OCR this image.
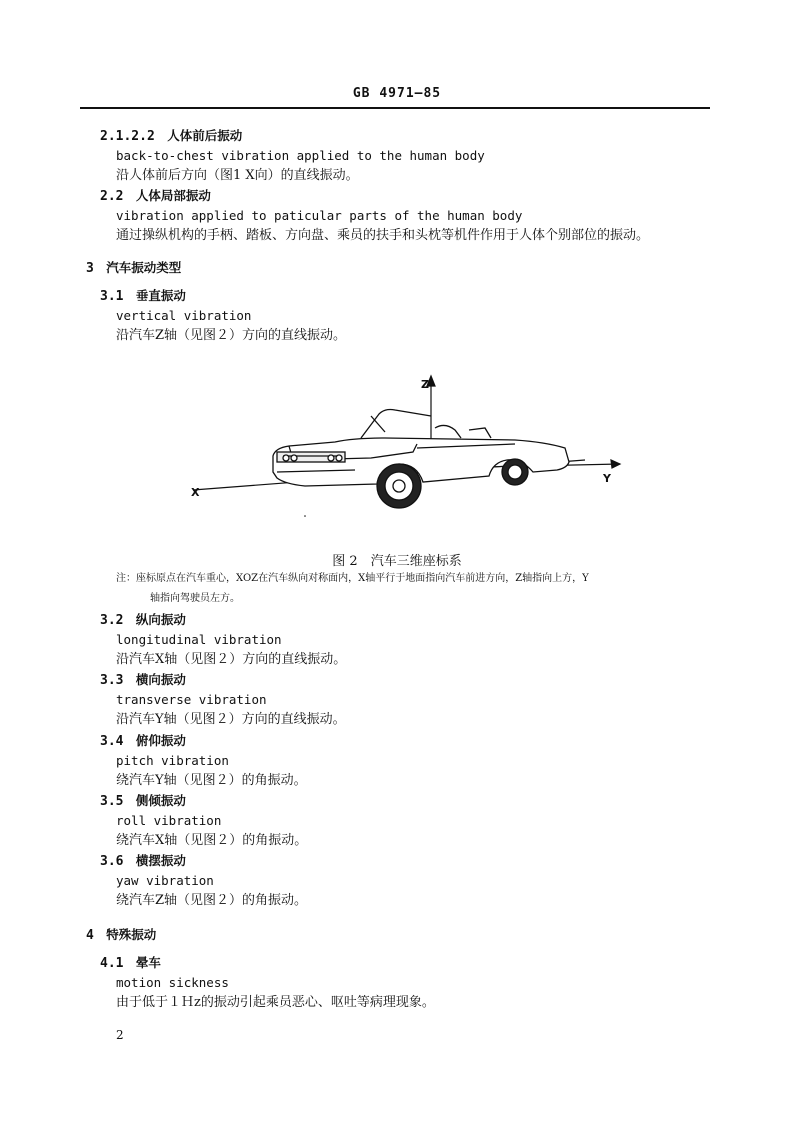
GB 4971—85
2.1.2.2 人体前后振动
back-to-chest vibration applied to the human body
沿人体前后方向（图1 X向）的直线振动。
2.2 人体局部振动
vibration applied to paticular parts of the human body
通过操纵机构的手柄、踏板、方向盘、乘员的扶手和头枕等机件作用于人体个别部位的振动。
3 汽车振动类型
3.1 垂直振动
vertical vibration
沿汽车Z轴（见图２）方向的直线振动。
Z
X
Y
图 2　汽车三维座标系
注：座标原点在汽车重心，XOZ在汽车纵向对称面内，X轴平行于地面指向汽车前进方向，Z轴指向上方，Y
轴指向驾驶员左方。
3.2 纵向振动
longitudinal vibration
沿汽车X轴（见图２）方向的直线振动。
3.3 横向振动
transverse vibration
沿汽车Y轴（见图２）方向的直线振动。
3.4 俯仰振动
pitch vibration
绕汽车Y轴（见图２）的角振动。
3.5 侧倾振动
roll vibration
绕汽车X轴（见图２）的角振动。
3.6 横摆振动
yaw vibration
绕汽车Z轴（见图２）的角振动。
4 特殊振动
4.1 晕车
motion sickness
由于低于１Ｈz的振动引起乘员恶心、呕吐等病理现象。
2
